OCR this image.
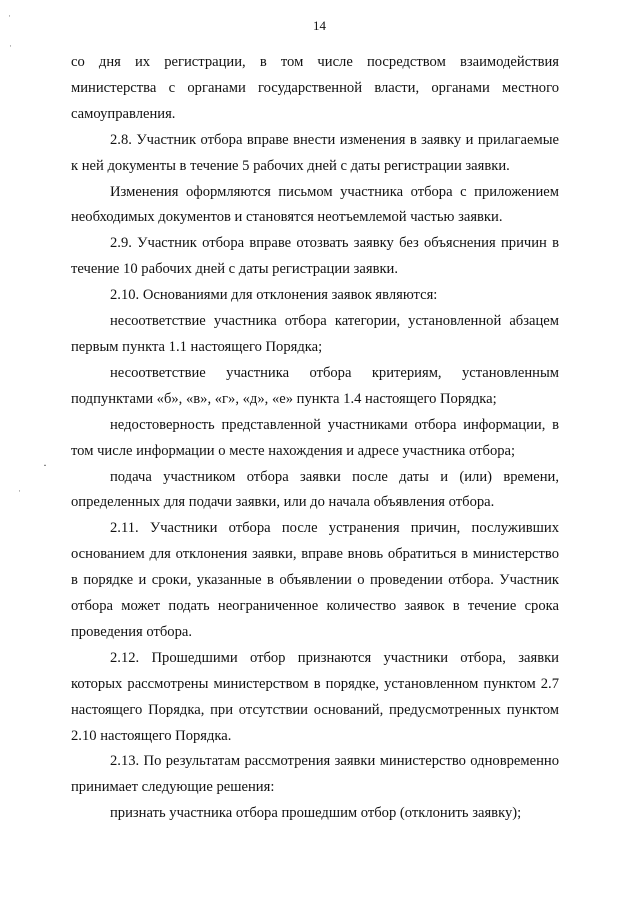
14
·
·
·
·

со дня их регистрации, в том числе посредством взаимодействия министерства с органами государственной власти, органами местного самоуправления.

2.8. Участник отбора вправе внести изменения в заявку и прилагаемые к ней документы в течение 5 рабочих дней с даты регистрации заявки.

Изменения оформляются письмом участника отбора с приложением необходимых документов и становятся неотъемлемой частью заявки.

2.9. Участник отбора вправе отозвать заявку без объяснения причин в течение 10 рабочих дней с даты регистрации заявки.

2.10. Основаниями для отклонения заявок являются:

несоответствие участника отбора категории, установленной абзацем первым пункта 1.1 настоящего Порядка;

несоответствие участника отбора критериям, установленным подпунктами «б», «в», «г», «д», «е» пункта 1.4 настоящего Порядка;

недостоверность представленной участниками отбора информации, в том числе информации о месте нахождения и адресе участника отбора;

подача участником отбора заявки после даты и (или) времени, определенных для подачи заявки, или до начала объявления отбора.

2.11. Участники отбора после устранения причин, послуживших основанием для отклонения заявки, вправе вновь обратиться в министерство в порядке и сроки, указанные в объявлении о проведении отбора. Участник отбора может подать неограниченное количество заявок в течение срока проведения отбора.

2.12. Прошедшими отбор признаются участники отбора, заявки которых рассмотрены министерством в порядке, установленном пунктом 2.7 настоящего Порядка, при отсутствии оснований, предусмотренных пунктом 2.10 настоящего Порядка.

2.13. По результатам рассмотрения заявки министерство одновременно принимает следующие решения:

признать участника отбора прошедшим отбор (отклонить заявку);
